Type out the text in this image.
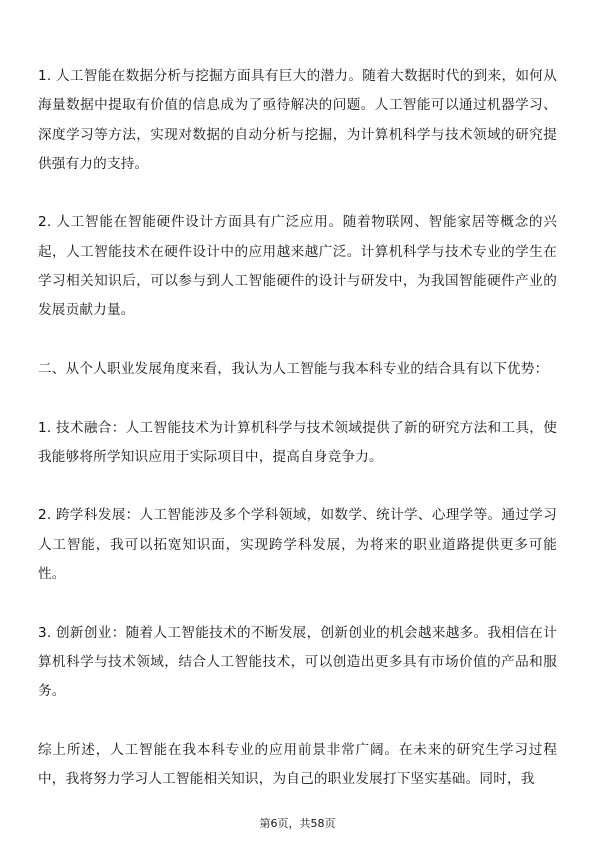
1. 人工智能在数据分析与挖掘方面具有巨大的潜力。随着大数据时代的到来，如何从海量数据中提取有价值的信息成为了亟待解决的问题。人工智能可以通过机器学习、深度学习等方法，实现对数据的自动分析与挖掘，为计算机科学与技术领域的研究提供强有力的支持。

2. 人工智能在智能硬件设计方面具有广泛应用。随着物联网、智能家居等概念的兴起，人工智能技术在硬件设计中的应用越来越广泛。计算机科学与技术专业的学生在学习相关知识后，可以参与到人工智能硬件的设计与研发中，为我国智能硬件产业的发展贡献力量。

二、从个人职业发展角度来看，我认为人工智能与我本科专业的结合具有以下优势：

1. 技术融合：人工智能技术为计算机科学与技术领域提供了新的研究方法和工具，使我能够将所学知识应用于实际项目中，提高自身竞争力。

2. 跨学科发展：人工智能涉及多个学科领域，如数学、统计学、心理学等。通过学习人工智能，我可以拓宽知识面，实现跨学科发展，为将来的职业道路提供更多可能性。

3. 创新创业：随着人工智能技术的不断发展，创新创业的机会越来越多。我相信在计算机科学与技术领域，结合人工智能技术，可以创造出更多具有市场价值的产品和服务。

综上所述，人工智能在我本科专业的应用前景非常广阔。在未来的研究生学习过程中，我将努力学习人工智能相关知识，为自己的职业发展打下坚实基础。同时，我

第6页，共58页
